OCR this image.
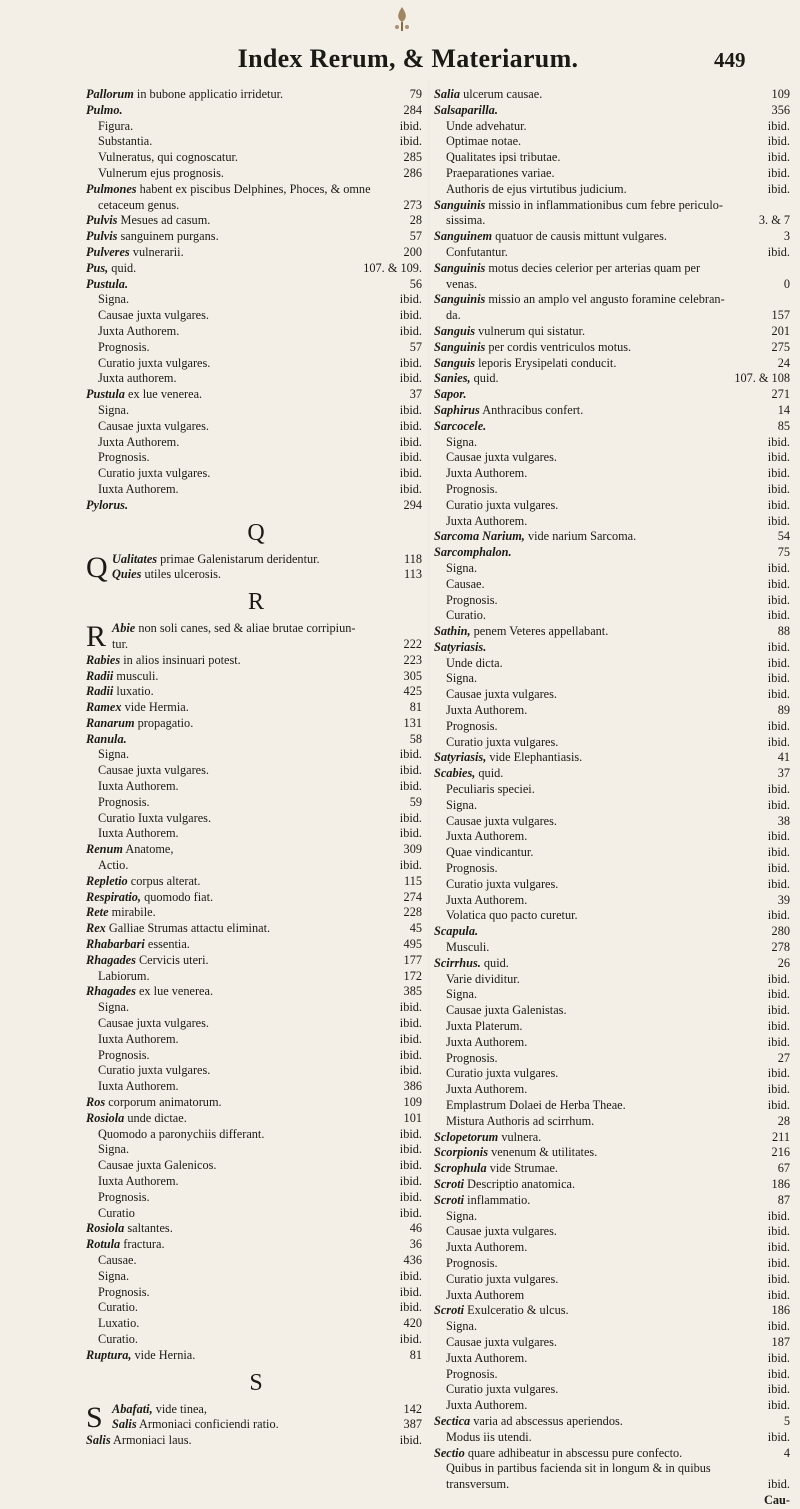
Index Rerum, & Materiarum.	449
Pallorum in bubone applicatio irridetur.	79
Pulmo.	284
Figura.	ibid.
Substantia.	ibid.
Vulneratus, qui cognoscatur.	285
Vulnerum ejus prognosis.	286
Pulmones habent ex piscibus Delphines, Phoces, & omne
cetaceum genus.	273
Pulvis Mesues ad casum.	28
Pulvis sanguinem purgans.	57
Pulveres vulnerarii.	200
Pus, quid.	107. & 109.
Pustula.	56
Signa.	ibid.
Causae juxta vulgares.	ibid.
Juxta Authorem.	ibid.
Prognosis.	57
Curatio juxta vulgares.	ibid.
Juxta authorem.	ibid.
Pustula ex lue venerea.	37
Signa.	ibid.
Causae juxta vulgares.	ibid.
Juxta Authorem.	ibid.
Prognosis.	ibid.
Curatio juxta vulgares.	ibid.
Iuxta Authorem.	ibid.
Pylorus.	294
Q
Q Ualitates primae Galenistarum deridentur.	118
Quies utiles ulcerosis.	113
R
R Abie non soli canes, sed & aliae brutae corripiun-
tur.	222
Rabies in alios insinuari potest.	223
Radii musculi.	305
Radii luxatio.	425
Ramex vide Hermia.	81
Ranarum propagatio.	131
Ranula.	58
Signa.	ibid.
Causae juxta vulgares.	ibid.
Iuxta Authorem.	ibid.
Prognosis.	59
Curatio Iuxta vulgares.	ibid.
Iuxta Authorem.	ibid.
Renum Anatome,	309
Actio.	ibid.
Repletio corpus alterat.	115
Respiratio, quomodo fiat.	274
Rete mirabile.	228
Rex Galliae Strumas attactu eliminat.	45
Rhabarbari essentia.	495
Rhagades Cervicis uteri.	177
Labiorum.	172
Rhagades ex lue venerea.	385
Signa.	ibid.
Causae juxta vulgares.	ibid.
Iuxta Authorem.	ibid.
Prognosis.	ibid.
Curatio juxta vulgares.	ibid.
Iuxta Authorem.	386
Ros corporum animatorum.	109
Rosiola unde dictae.	101
Quomodo a paronychiis differant.	ibid.
Signa.	ibid.
Causae juxta Galenicos.	ibid.
Iuxta Authorem.	ibid.
Prognosis.	ibid.
Curatio	ibid.
Rosiola saltantes.	46
Rotula fractura.	36
Causae.	436
Signa.	ibid.
Prognosis.	ibid.
Curatio.	ibid.
Luxatio.	420
Curatio.	ibid.
Ruptura, vide Hernia.	81
S
S Abafati, vide tinea,	142
Salis Armoniaci conficiendi ratio.	387
Salis Armoniaci laus.	ibid.
Salia ulcerum causae.	109
Salsaparilla.	356
Unde advehatur.	ibid.
Optimae notae.	ibid.
Qualitates ipsi tributae.	ibid.
Praeparationes variae.	ibid.
Authoris de ejus virtutibus judicium.	ibid.
Sanguinis missio in inflammationibus cum febre periculo-
sissima.	3. & 7
Sanguinem quatuor de causis mittunt vulgares.	3
Confutantur.	ibid.
Sanguinis motus decies celerior per arterias quam per
venas.	0
Sanguinis missio an amplo vel angusto foramine celebran-
da.	157
Sanguis vulnerum qui sistatur.	201
Sanguinis per cordis ventriculos motus.	275
Sanguis leporis Erysipelati conducit.	24
Sanies, quid.	107. & 108
Sapor.	271
Saphirus Anthracibus confert.	14
Sarcocele.	85
Signa.	ibid.
Causae juxta vulgares.	ibid.
Juxta Authorem.	ibid.
Prognosis.	ibid.
Curatio juxta vulgares.	ibid.
Juxta Authorem.	ibid.
Sarcoma Narium, vide narium Sarcoma.	54
Sarcomphalon.	75
Signa.	ibid.
Causae.	ibid.
Prognosis.	ibid.
Curatio.	ibid.
Sathin, penem Veteres appellabant.	88
Satyriasis.	ibid.
Unde dicta.	ibid.
Signa.	ibid.
Causae juxta vulgares.	ibid.
Juxta Authorem.	89
Prognosis.	ibid.
Curatio juxta vulgares.	ibid.
Satyriasis, vide Elephantiasis.	41
Scabies, quid.	37
Peculiaris speciei.	ibid.
Signa.	ibid.
Causae juxta vulgares.	38
Juxta Authorem.	ibid.
Quae vindicantur.	ibid.
Prognosis.	ibid.
Curatio juxta vulgares.	ibid.
Juxta Authorem.	39
Volatica quo pacto curetur.	ibid.
Scapula.	280
Musculi.	278
Scirrhus. quid.	26
Varie dividitur.	ibid.
Signa.	ibid.
Causae juxta Galenistas.	ibid.
Juxta Platerum.	ibid.
Juxta Authorem.	ibid.
Prognosis.	27
Curatio juxta vulgares.	ibid.
Juxta Authorem.	ibid.
Emplastrum Dolaei de Herba Theae.	ibid.
Mistura Authoris ad scirrhum.	28
Sclopetorum vulnera.	211
Scorpionis venenum & utilitates.	216
Scrophula vide Strumae.	67
Scroti Descriptio anatomica.	186
Scroti inflammatio.	87
Signa.	ibid.
Causae juxta vulgares.	ibid.
Juxta Authorem.	ibid.
Prognosis.	ibid.
Curatio juxta vulgares.	ibid.
Juxta Authorem	ibid.
Scroti Exulceratio & ulcus.	186
Signa.	ibid.
Causae juxta vulgares.	187
Juxta Authorem.	ibid.
Prognosis.	ibid.
Curatio juxta vulgares.	ibid.
Juxta Authorem.	ibid.
Sectica varia ad abscessus aperiendos.	5
Modus iis utendi.	ibid.
Sectio quare adhibeatur in abscessu pure confecto.	4
Quibus in partibus facienda sit in longum & in quibus
transversum.	ibid.
Cau-
